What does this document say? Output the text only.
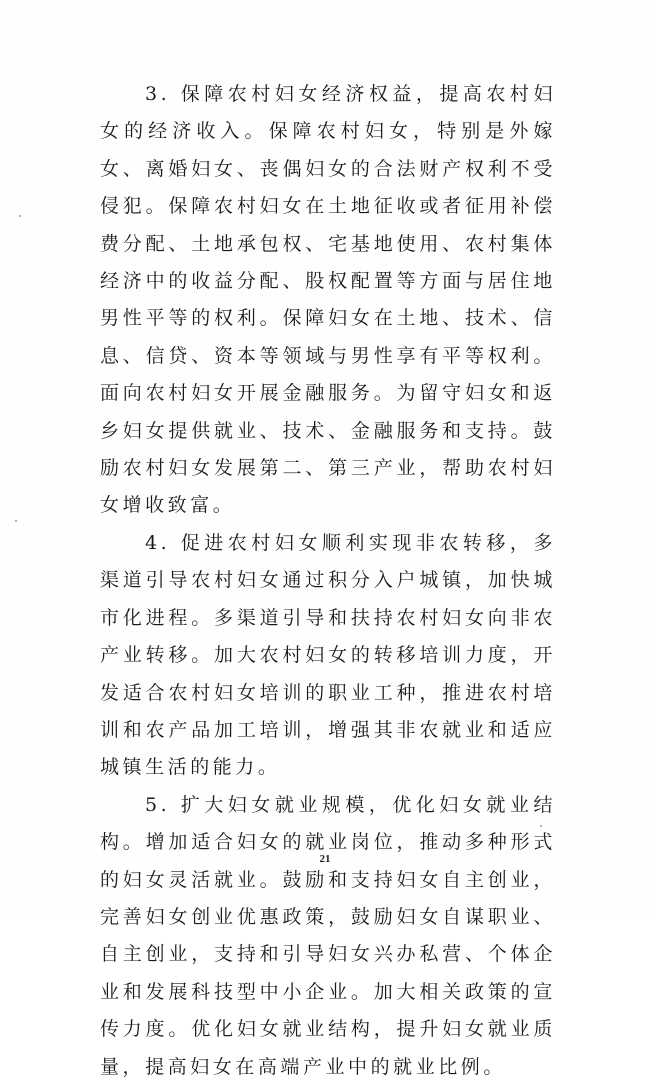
3. 保障农村妇女经济权益，提高农村妇女的经济收入。保障农村妇女，特别是外嫁女、离婚妇女、丧偶妇女的合法财产权利不受侵犯。保障农村妇女在土地征收或者征用补偿费分配、土地承包权、宅基地使用、农村集体经济中的收益分配、股权配置等方面与居住地男性平等的权利。保障妇女在土地、技术、信息、信贷、资本等领域与男性享有平等权利。面向农村妇女开展金融服务。为留守妇女和返乡妇女提供就业、技术、金融服务和支持。鼓励农村妇女发展第二、第三产业，帮助农村妇女增收致富。

4. 促进农村妇女顺利实现非农转移，多渠道引导农村妇女通过积分入户城镇，加快城市化进程。多渠道引导和扶持农村妇女向非农产业转移。加大农村妇女的转移培训力度，开发适合农村妇女培训的职业工种，推进农村培训和农产品加工培训，增强其非农就业和适应城镇生活的能力。

5. 扩大妇女就业规模，优化妇女就业结构。增加适合妇女的就业岗位，推动多种形式的妇女灵活就业。鼓励和支持妇女自主创业，完善妇女创业优惠政策，鼓励妇女自谋职业、自主创业，支持和引导妇女兴办私营、个体企业和发展科技型中小企业。加大相关政策的宣传力度。优化妇女就业结构，提升妇女就业质量，提高妇女在高端产业中的就业比例。

21
